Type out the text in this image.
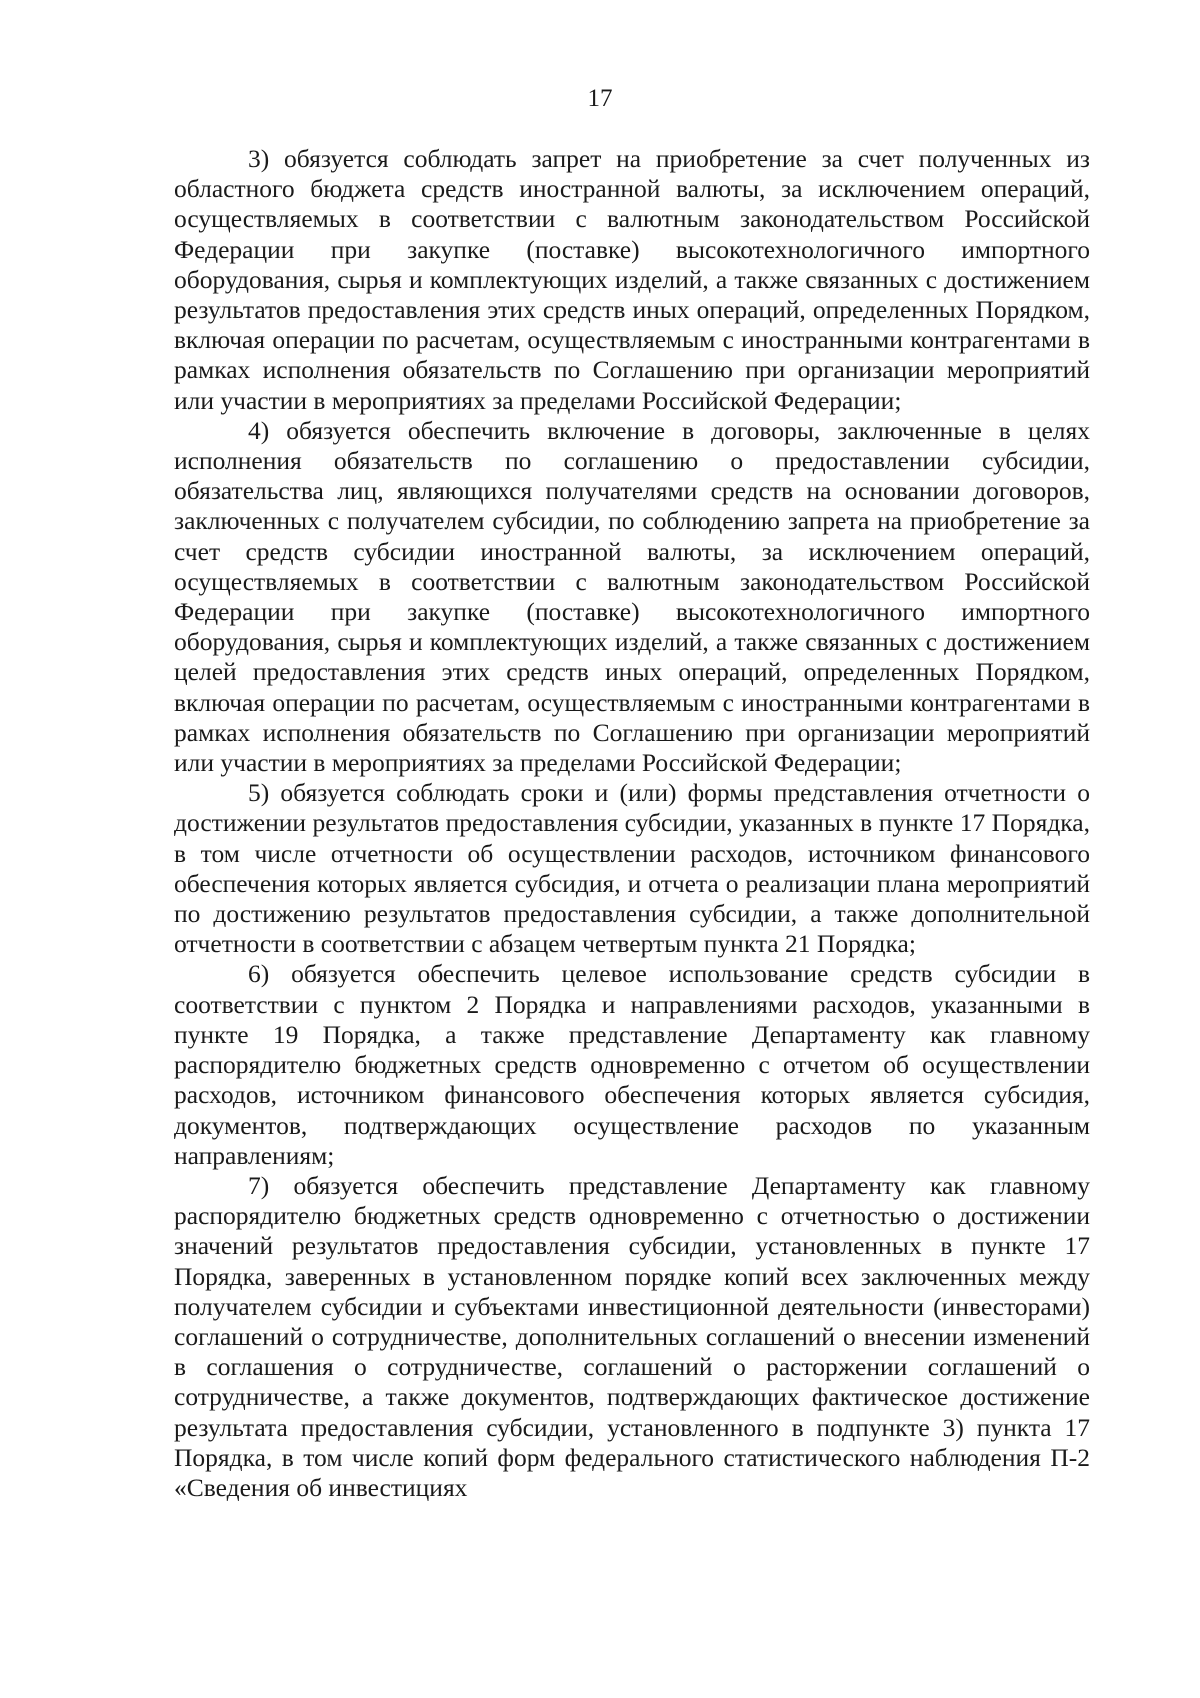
17

3) обязуется соблюдать запрет на приобретение за счет полученных из областного бюджета средств иностранной валюты, за исключением операций, осуществляемых в соответствии с валютным законодательством Российской Федерации при закупке (поставке) высокотехнологичного импортного оборудования, сырья и комплектующих изделий, а также связанных с достижением результатов предоставления этих средств иных операций, определенных Порядком, включая операции по расчетам, осуществляемым с иностранными контрагентами в рамках исполнения обязательств по Соглашению при организации мероприятий или участии в мероприятиях за пределами Российской Федерации;

4) обязуется обеспечить включение в договоры, заключенные в целях исполнения обязательств по соглашению о предоставлении субсидии, обязательства лиц, являющихся получателями средств на основании договоров, заключенных с получателем субсидии, по соблюдению запрета на приобретение за счет средств субсидии иностранной валюты, за исключением операций, осуществляемых в соответствии с валютным законодательством Российской Федерации при закупке (поставке) высокотехнологичного импортного оборудования, сырья и комплектующих изделий, а также связанных с достижением целей предоставления этих средств иных операций, определенных Порядком, включая операции по расчетам, осуществляемым с иностранными контрагентами в рамках исполнения обязательств по Соглашению при организации мероприятий или участии в мероприятиях за пределами Российской Федерации;

5) обязуется соблюдать сроки и (или) формы представления отчетности о достижении результатов предоставления субсидии, указанных в пункте 17 Порядка, в том числе отчетности об осуществлении расходов, источником финансового обеспечения которых является субсидия, и отчета о реализации плана мероприятий по достижению результатов предоставления субсидии, а также дополнительной отчетности в соответствии с абзацем четвертым пункта 21 Порядка;

6) обязуется обеспечить целевое использование средств субсидии в соответствии с пунктом 2 Порядка и направлениями расходов, указанными в пункте 19 Порядка, а также представление Департаменту как главному распорядителю бюджетных средств одновременно с отчетом об осуществлении расходов, источником финансового обеспечения которых является субсидия, документов, подтверждающих осуществление расходов по указанным направлениям;

7) обязуется обеспечить представление Департаменту как главному распорядителю бюджетных средств одновременно с отчетностью о достижении значений результатов предоставления субсидии, установленных в пункте 17 Порядка, заверенных в установленном порядке копий всех заключенных между получателем субсидии и субъектами инвестиционной деятельности (инвесторами) соглашений о сотрудничестве, дополнительных соглашений о внесении изменений в соглашения о сотрудничестве, соглашений о расторжении соглашений о сотрудничестве, а также документов, подтверждающих фактическое достижение результата предоставления субсидии, установленного в подпункте 3) пункта 17 Порядка, в том числе копий форм федерального статистического наблюдения П-2 «Сведения об инвестициях
